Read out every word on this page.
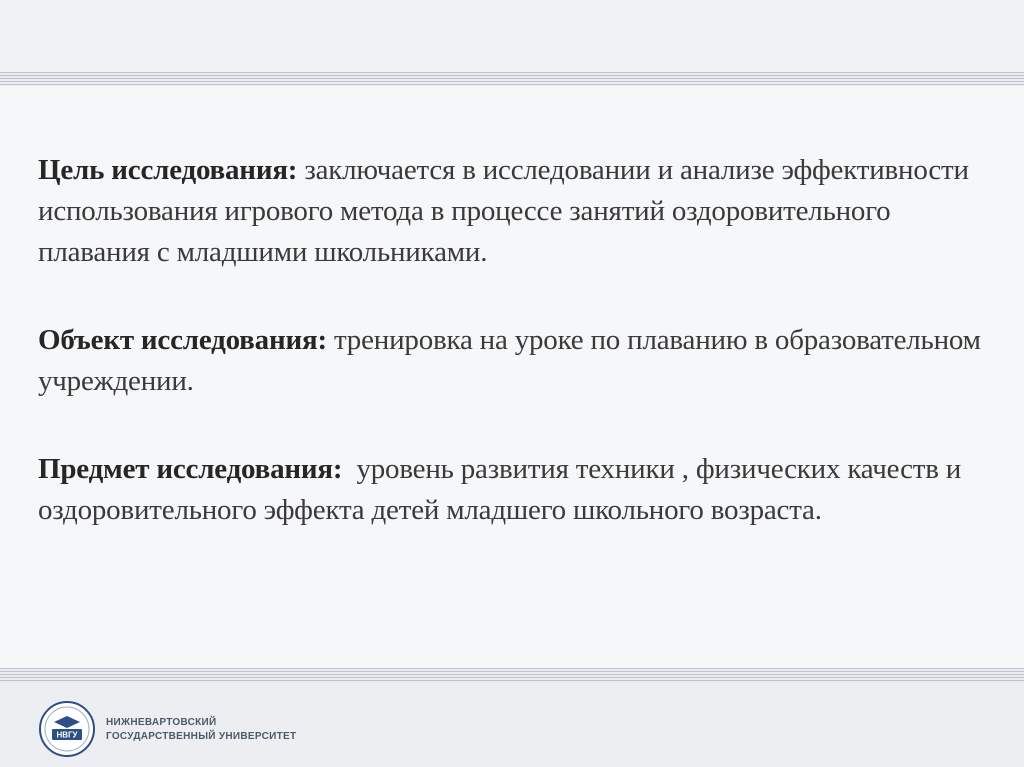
Цель исследования: заключается в исследовании и анализе эффективности использования игрового метода в процессе занятий оздоровительного плавания с младшими школьниками.

Объект исследования: тренировка на уроке по плаванию в образовательном учреждении.

Предмет исследования:  уровень развития техники , физических качеств и оздоровительного эффекта детей младшего школьного возраста.

НВГУ
НИЖНЕВАРТОВСКИЙ
ГОСУДАРСТВЕННЫЙ УНИВЕРСИТЕТ
